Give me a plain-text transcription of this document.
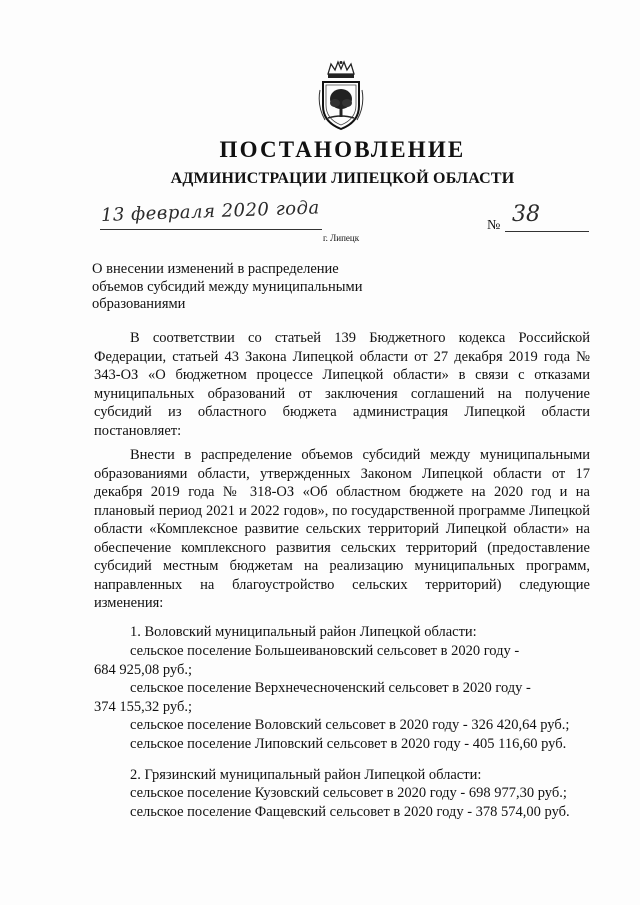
ПОСТАНОВЛЕНИЕ
АДМИНИСТРАЦИИ ЛИПЕЦКОЙ ОБЛАСТИ
13 февраля 2020 года
г. Липецк
№ 38
О внесении изменений в распределение объемов субсидий между муниципальными образованиями

В соответствии со статьей 139 Бюджетного кодекса Российской Федерации, статьей 43 Закона Липецкой области от 27 декабря 2019 года № 343-ОЗ «О бюджетном процессе Липецкой области» в связи с отказами муниципальных образований от заключения соглашений на получение субсидий из областного бюджета администрация Липецкой области постановляет:

Внести в распределение объемов субсидий между муниципальными образованиями области, утвержденных Законом Липецкой области от 17 декабря 2019 года № 318-ОЗ «Об областном бюджете на 2020 год и на плановый период 2021 и 2022 годов», по государственной программе Липецкой области «Комплексное развитие сельских территорий Липецкой области» на обеспечение комплексного развития сельских территорий (предоставление субсидий местным бюджетам на реализацию муниципальных программ, направленных на благоустройство сельских территорий) следующие изменения:

1. Воловский муниципальный район Липецкой области:
сельское поселение Большеивановский сельсовет в 2020 году -
684 925,08 руб.;
сельское поселение Верхнечесноченский сельсовет в 2020 году -
374 155,32 руб.;
сельское поселение Воловский сельсовет в 2020 году - 326 420,64 руб.;
сельское поселение Липовский сельсовет в 2020 году - 405 116,60 руб.
2. Грязинский муниципальный район Липецкой области:
сельское поселение Кузовский сельсовет в 2020 году - 698 977,30 руб.;
сельское поселение Фащевский сельсовет в 2020 году - 378 574,00 руб.
